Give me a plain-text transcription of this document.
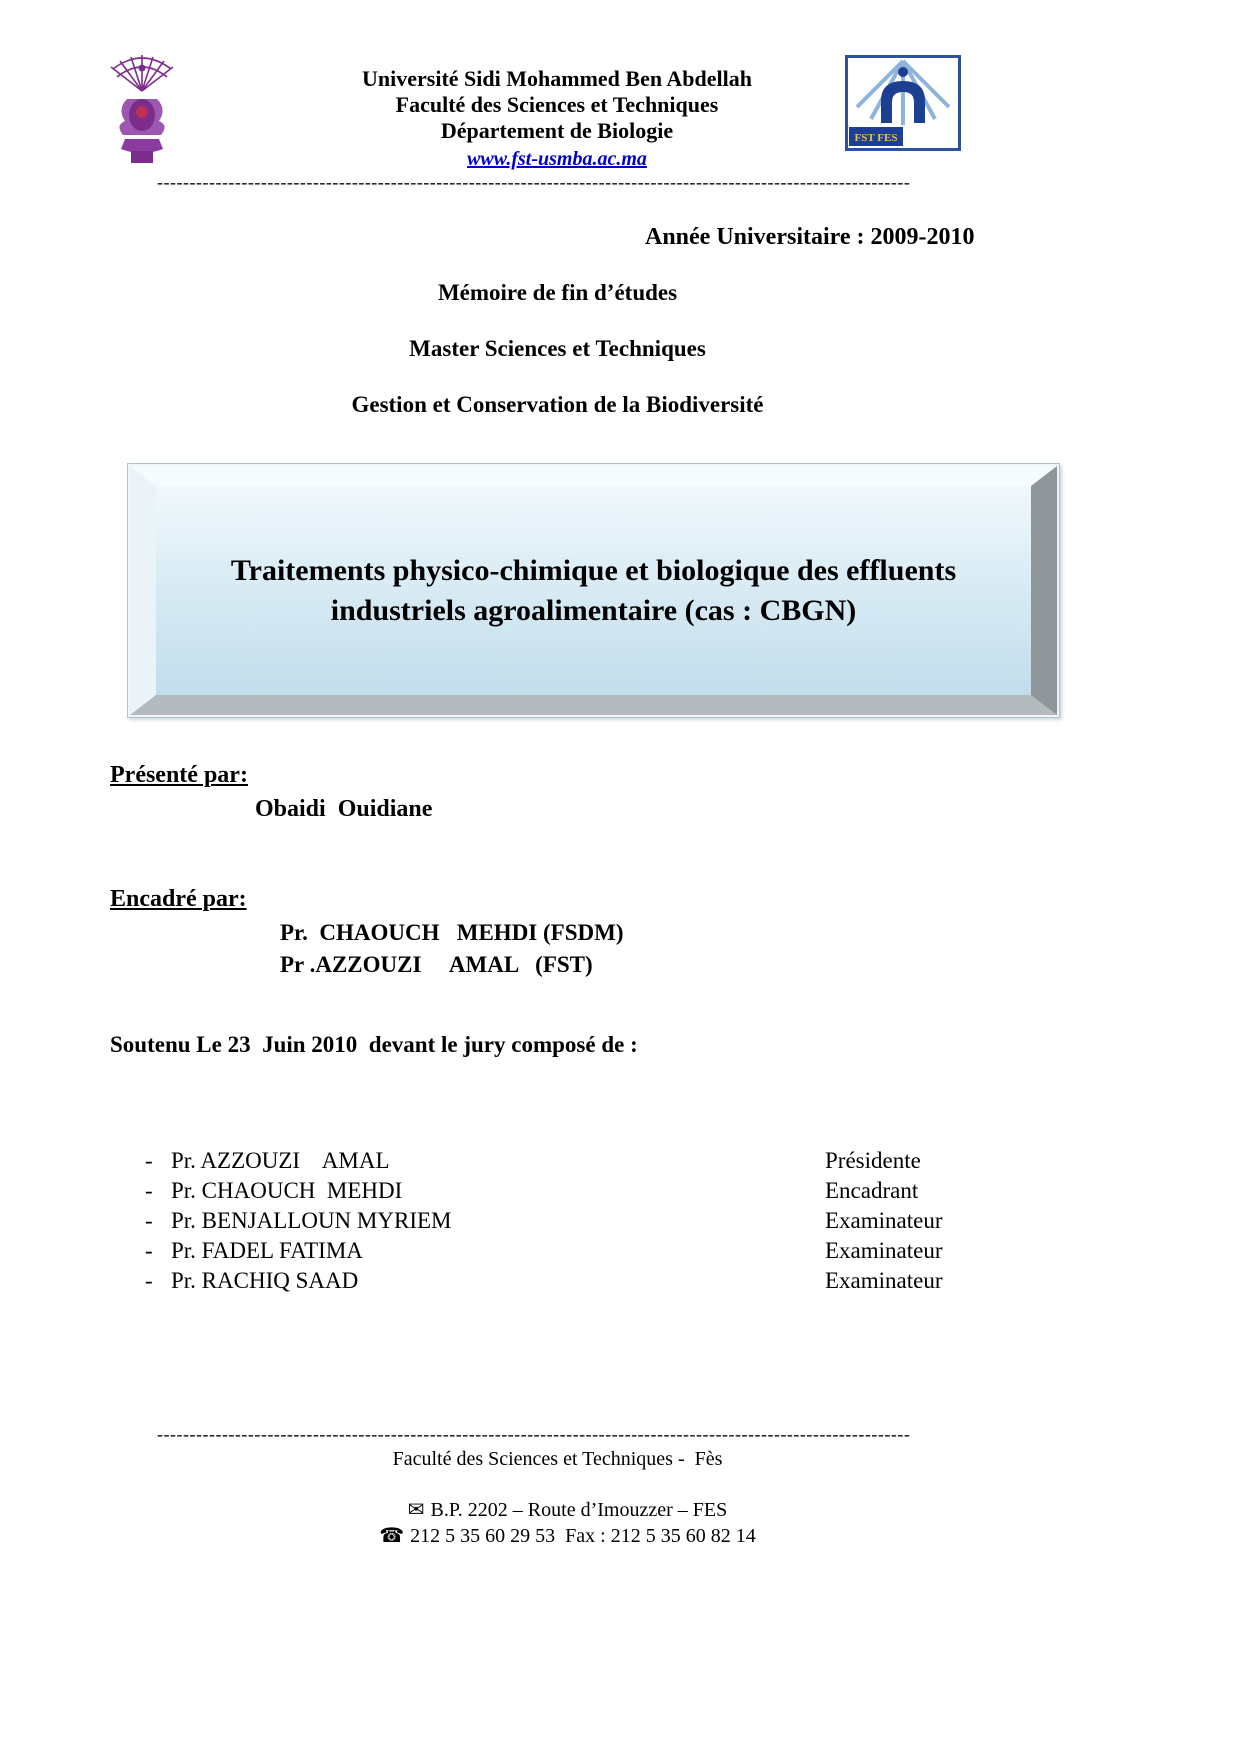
Université Sidi Mohammed Ben Abdellah
Faculté des Sciences et Techniques
Département de Biologie
www.fst-usmba.ac.ma
FST FES
--------------------------------------------------------------------------------------------------------------------
Année Universitaire : 2009-2010
Mémoire de fin d’études
Master Sciences et Techniques
Gestion et Conservation de la Biodiversité
Traitements physico-chimique et biologique des effluents industriels agroalimentaire (cas : CBGN)
Présenté par:
Obaidi  Ouidiane
Encadré par:
Pr.  CHAOUCH   MEHDI (FSDM)
Pr .AZZOUZI     AMAL   (FST)
Soutenu Le 23  Juin 2010  devant le jury composé de :
- Pr. AZZOUZI    AMAL	Présidente
- Pr. CHAOUCH  MEHDI	Encadrant
- Pr. BENJALLOUN MYRIEM	Examinateur
- Pr. FADEL FATIMA	Examinateur
- Pr. RACHIQ SAAD	Examinateur
--------------------------------------------------------------------------------------------------------------------
Faculté des Sciences et Techniques -  Fès

✉ B.P. 2202 – Route d’Imouzzer – FES

☎ 212 5 35 60 29 53  Fax : 212 5 35 60 82 14
